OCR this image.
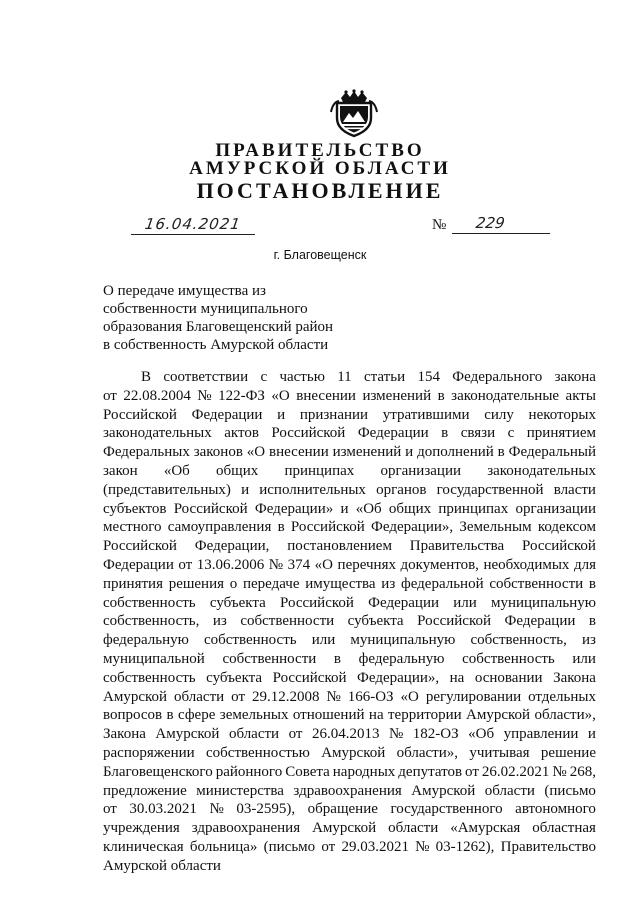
ПРАВИТЕЛЬСТВО
АМУРСКОЙ ОБЛАСТИ
ПОСТАНОВЛЕНИЕ
16.04.2021	№ 229
г. Благовещенск
О передаче имущества из
собственности муниципального
образования Благовещенский район
в собственность Амурской области
В соответствии с частью 11 статьи 154 Федерального закона
от 22.08.2004 № 122-ФЗ «О внесении изменений в законодательные акты
Российской Федерации и признании утратившими силу некоторых
законодательных актов Российской Федерации в связи с принятием
Федеральных законов «О внесении изменений и дополнений в Федеральный
закон «Об общих принципах организации законодательных
(представительных) и исполнительных органов государственной власти
субъектов Российской Федерации» и «Об общих принципах организации
местного самоуправления в Российской Федерации», Земельным кодексом
Российской Федерации, постановлением Правительства Российской
Федерации от 13.06.2006 № 374 «О перечнях документов, необходимых для
принятия решения о передаче имущества из федеральной собственности в
собственность субъекта Российской Федерации или муниципальную
собственность, из собственности субъекта Российской Федерации в
федеральную собственность или муниципальную собственность, из
муниципальной собственности в федеральную собственность или
собственность субъекта Российской Федерации», на основании Закона
Амурской области от 29.12.2008 № 166-ОЗ «О регулировании отдельных
вопросов в сфере земельных отношений на территории Амурской области»,
Закона Амурской области от 26.04.2013 № 182-ОЗ «Об управлении и
распоряжении собственностью Амурской области», учитывая решение
Благовещенского районного Совета народных депутатов от 26.02.2021 № 268,
предложение министерства здравоохранения Амурской области (письмо
от 30.03.2021 № 03-2595), обращение государственного автономного
учреждения здравоохранения Амурской области «Амурская областная
клиническая больница» (письмо от 29.03.2021 № 03-1262), Правительство
Амурской области
